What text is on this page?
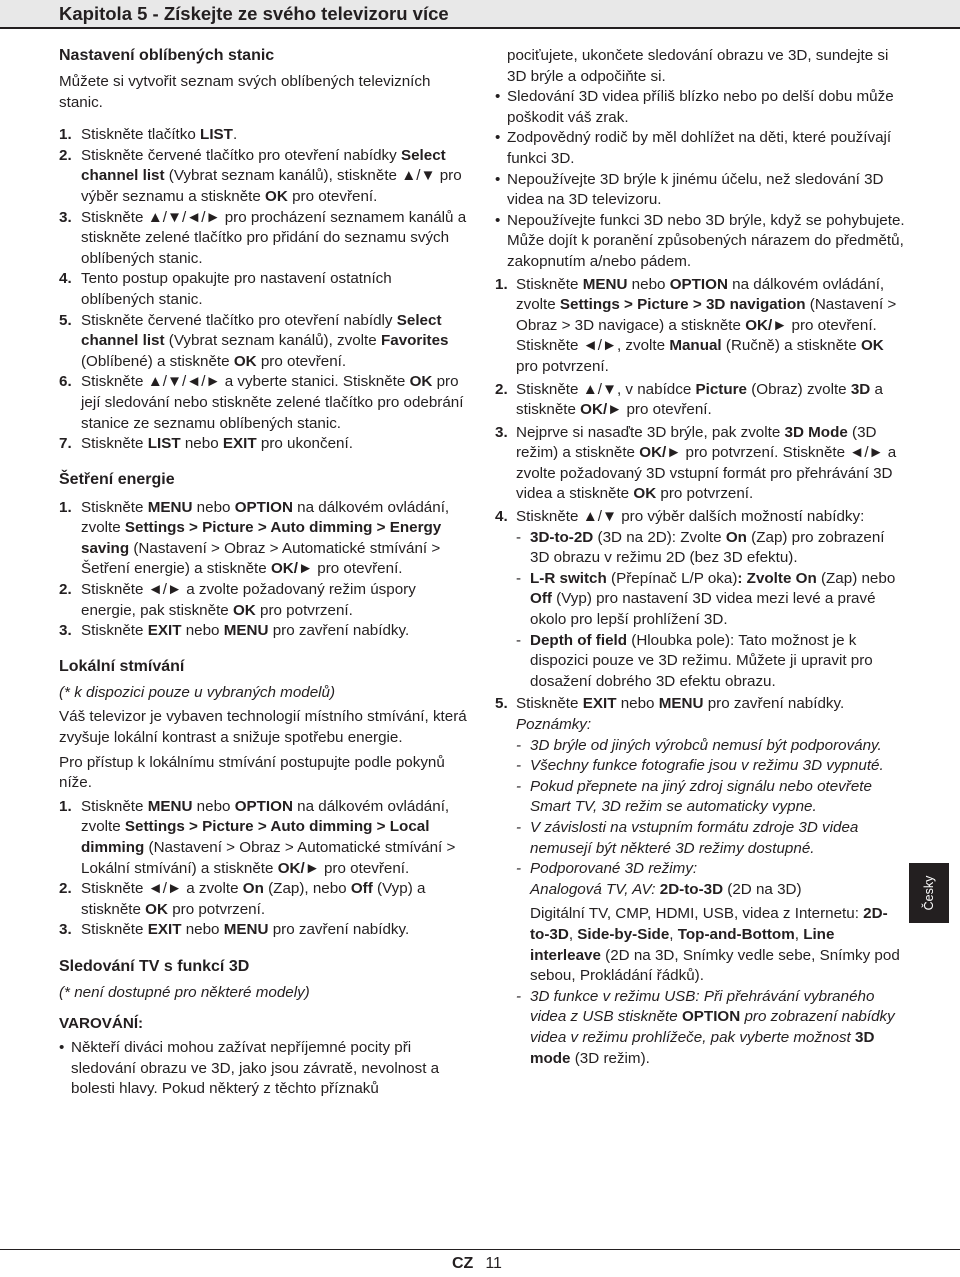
Kapitola 5 - Získejte ze svého televizoru více
Nastavení oblíbených stanic

Můžete si vytvořit seznam svých oblíbených televizních stanic.

1. Stiskněte tlačítko LIST.
2. Stiskněte červené tlačítko pro otevření nabídky Select channel list (Vybrat seznam kanálů), stiskněte ▲/▼ pro výběr seznamu a stiskněte OK pro otevření.
3. Stiskněte ▲/▼/◄/► pro procházení seznamem kanálů a stiskněte zelené tlačítko pro přidání do seznamu svých oblíbených stanic.
4. Tento postup opakujte pro nastavení ostatních oblíbených stanic.
5. Stiskněte červené tlačítko pro otevření nabídly Select channel list (Vybrat seznam kanálů), zvolte Favorites (Oblíbené) a stiskněte OK pro otevření.
6. Stiskněte ▲/▼/◄/► a vyberte stanici. Stiskněte OK pro její sledování nebo stiskněte zelené tlačítko pro odebrání stanice ze seznamu oblíbených stanic.
7. Stiskněte LIST nebo EXIT pro ukončení.
Šetření energie
1. Stiskněte MENU nebo OPTION na dálkovém ovládání, zvolte Settings > Picture > Auto dimming > Energy saving (Nastavení > Obraz > Automatické stmívání > Šetření energie) a stiskněte OK/► pro otevření.
2. Stiskněte ◄/► a zvolte požadovaný režim úspory energie, pak stiskněte OK pro potvrzení.
3. Stiskněte EXIT nebo MENU pro zavření nabídky.
Lokální stmívání

(* k dispozici pouze u vybraných modelů)

Váš televizor je vybaven technologií místního stmívání, která zvyšuje lokální kontrast a snižuje spotřebu energie.

Pro přístup k lokálnímu stmívání postupujte podle pokynů níže.

1. Stiskněte MENU nebo OPTION na dálkovém ovládání, zvolte Settings > Picture > Auto dimming > Local dimming (Nastavení > Obraz > Automatické stmívání > Lokální stmívání) a stiskněte OK/► pro otevření.
2. Stiskněte ◄/► a zvolte On (Zap), nebo Off (Vyp) a stiskněte OK pro potvrzení.
3. Stiskněte EXIT nebo MENU pro zavření nabídky.
Sledování TV s funkcí 3D

(* není dostupné pro některé modely)

VAROVÁNÍ:

• Někteří diváci mohou zažívat nepříjemné pocity při sledování obrazu ve 3D, jako jsou závratě, nevolnost a bolesti hlavy. Pokud některý z těchto příznaků

pociťujete, ukončete sledování obrazu ve 3D, sundejte si 3D brýle a odpočiňte si.

• Sledování 3D videa příliš blízko nebo po delší dobu může poškodit váš zrak.
• Zodpovědný rodič by měl dohlížet na děti, které používají funkci 3D.
• Nepoužívejte 3D brýle k jinému účelu, než sledování 3D videa na 3D televizoru.
• Nepoužívejte funkci 3D nebo 3D brýle, když se pohybujete. Může dojít k poranění způsobených nárazem do předmětů, zakopnutím a/nebo pádem.
1. Stiskněte MENU nebo OPTION na dálkovém ovládání, zvolte Settings > Picture > 3D navigation (Nastavení > Obraz > 3D navigace) a stiskněte OK/► pro otevření. Stiskněte ◄/►, zvolte Manual (Ručně) a stiskněte OK pro potvrzení.
2. Stiskněte ▲/▼, v nabídce Picture (Obraz) zvolte 3D a stiskněte OK/► pro otevření.
3. Nejprve si nasaďte 3D brýle, pak zvolte 3D Mode (3D režim) a stiskněte OK/► pro potvrzení. Stiskněte ◄/► a zvolte požadovaný 3D vstupní formát pro přehrávání 3D videa a stiskněte OK pro potvrzení.
4. Stiskněte ▲/▼ pro výběr dalších možností nabídky:
- 3D-to-2D (3D na 2D): Zvolte On (Zap) pro zobrazení 3D obrazu v režimu 2D (bez 3D efektu).
- L-R switch (Přepínač L/P oka): Zvolte On (Zap) nebo Off (Vyp) pro nastavení 3D videa mezi levé a pravé okolo pro lepší prohlížení 3D.
- Depth of field (Hloubka pole): Tato možnost je k dispozici pouze ve 3D režimu. Můžete ji upravit pro dosažení dobrého 3D efektu obrazu.
5. Stiskněte EXIT nebo MENU pro zavření nabídky.

Poznámky:

- 3D brýle od jiných výrobců nemusí být podporovány.
- Všechny funkce fotografie jsou v režimu 3D vypnuté.
- Pokud přepnete na jiný zdroj signálu nebo otevřete Smart TV, 3D režim se automaticky vypne.
- V závislosti na vstupním formátu zdroje 3D videa nemusejí být některé 3D režimy dostupné.
- Podporované 3D režimy:
Analogová TV, AV: 2D-to-3D (2D na 3D)

Digitální TV, CMP, HDMI, USB, videa z Internetu: 2D-to-3D, Side-by-Side, Top-and-Bottom, Line interleave (2D na 3D, Snímky vedle sebe, Snímky pod sebou, Prokládání řádků).
- 3D funkce v režimu USB: Při přehrávání vybraného videa z USB stiskněte OPTION pro zobrazení nabídky videa v režimu prohlížeče, pak vyberte možnost 3D mode (3D režim).
Česky
CZ 11
